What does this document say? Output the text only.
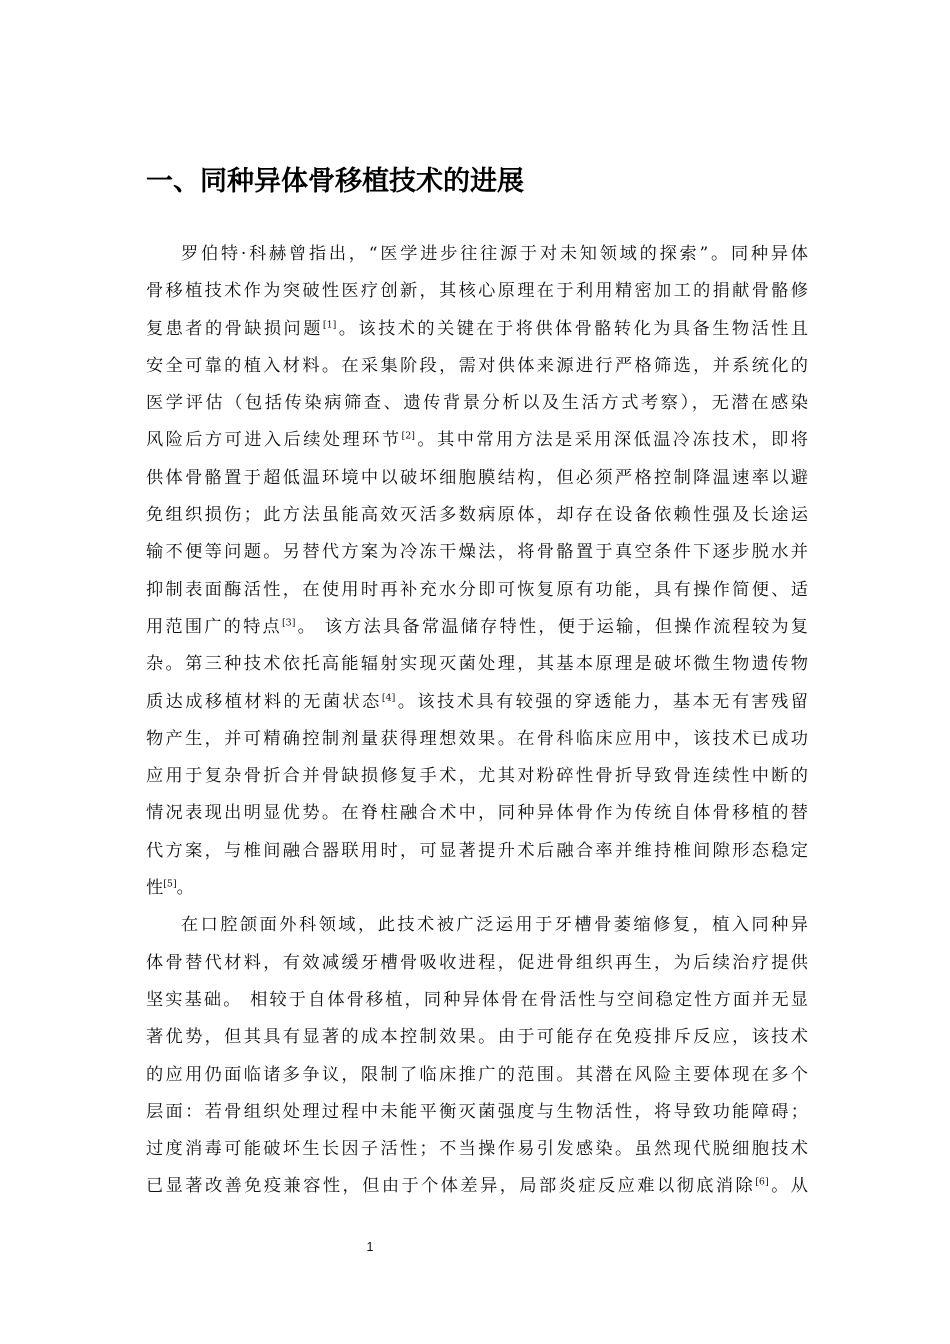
一、同种异体骨移植技术的进展
罗伯特·科赫曾指出，“医学进步往往源于对未知领域的探索”。同种异体
骨移植技术作为突破性医疗创新，其核心原理在于利用精密加工的捐献骨骼修
复患者的骨缺损问题[1]。该技术的关键在于将供体骨骼转化为具备生物活性且
安全可靠的植入材料。在采集阶段，需对供体来源进行严格筛选，并系统化的
医学评估（包括传染病筛查、遗传背景分析以及生活方式考察），无潜在感染
风险后方可进入后续处理环节[2]。其中常用方法是采用深低温冷冻技术，即将
供体骨骼置于超低温环境中以破坏细胞膜结构，但必须严格控制降温速率以避
免组织损伤；此方法虽能高效灭活多数病原体，却存在设备依赖性强及长途运
输不便等问题。另替代方案为冷冻干燥法，将骨骼置于真空条件下逐步脱水并
抑制表面酶活性，在使用时再补充水分即可恢复原有功能，具有操作简便、适
用范围广的特点[3]。 该方法具备常温储存特性，便于运输，但操作流程较为复
杂。第三种技术依托高能辐射实现灭菌处理，其基本原理是破坏微生物遗传物
质达成移植材料的无菌状态[4]。该技术具有较强的穿透能力，基本无有害残留
物产生，并可精确控制剂量获得理想效果。在骨科临床应用中，该技术已成功
应用于复杂骨折合并骨缺损修复手术，尤其对粉碎性骨折导致骨连续性中断的
情况表现出明显优势。在脊柱融合术中，同种异体骨作为传统自体骨移植的替
代方案，与椎间融合器联用时，可显著提升术后融合率并维持椎间隙形态稳定
性[5]。
在口腔颌面外科领域，此技术被广泛运用于牙槽骨萎缩修复，植入同种异
体骨替代材料，有效减缓牙槽骨吸收进程，促进骨组织再生，为后续治疗提供
坚实基础。 相较于自体骨移植，同种异体骨在骨活性与空间稳定性方面并无显
著优势，但其具有显著的成本控制效果。由于可能存在免疫排斥反应，该技术
的应用仍面临诸多争议，限制了临床推广的范围。其潜在风险主要体现在多个
层面：若骨组织处理过程中未能平衡灭菌强度与生物活性，将导致功能障碍；
过度消毒可能破坏生长因子活性；不当操作易引发感染。虽然现代脱细胞技术
已显著改善免疫兼容性，但由于个体差异，局部炎症反应难以彻底消除[6]。从
1
